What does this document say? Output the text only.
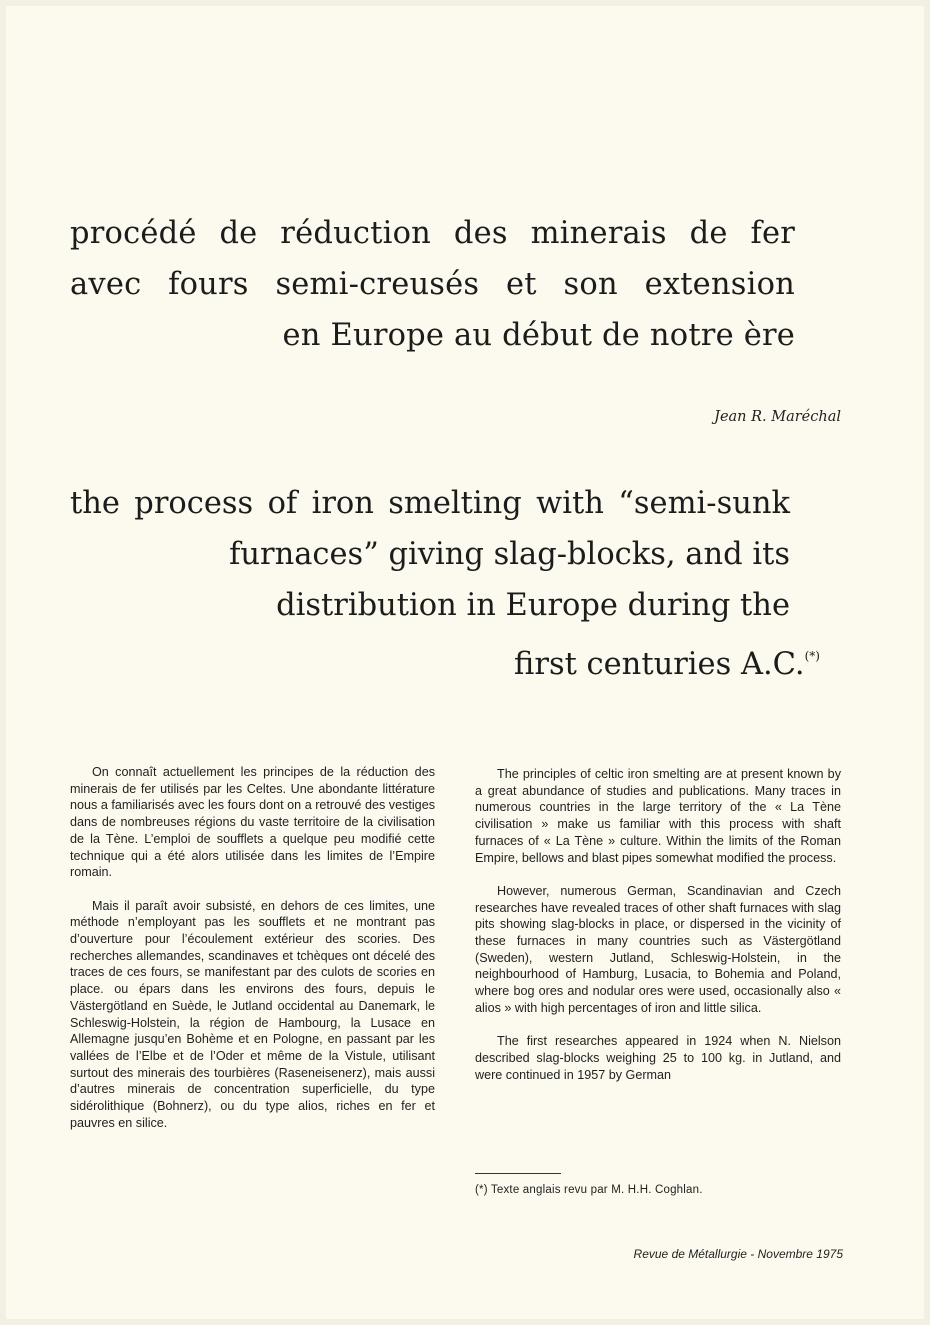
procédé de réduction des minerais de fer
avec fours semi-creusés et son extension
en Europe au début de notre ère
Jean R. Maréchal
the process of iron smelting with “semi-sunk
furnaces” giving slag-blocks, and its
distribution in Europe during the
first centuries A.C.(*)

On connaît actuellement les principes de la réduction des minerais de fer utilisés par les Celtes. Une abondante littérature nous a familiarisés avec les fours dont on a retrouvé des vestiges dans de nombreuses régions du vaste territoire de la civilisation de la Tène. L’emploi de soufflets a quelque peu modifié cette technique qui a été alors utilisée dans les limites de l’Empire romain.

Mais il paraît avoir subsisté, en dehors de ces limites, une méthode n’employant pas les soufflets et ne montrant pas d’ouverture pour l’écoulement extérieur des scories. Des recherches allemandes, scandinaves et tchèques ont décelé des traces de ces fours, se manifestant par des culots de scories en place. ou épars dans les environs des fours, depuis le Västergötland en Suède, le Jutland occidental au Danemark, le Schleswig-Holstein, la région de Hambourg, la Lusace en Allemagne jusqu’en Bohème et en Pologne, en passant par les vallées de l’Elbe et de l’Oder et même de la Vistule, utilisant surtout des minerais des tourbières (Raseneisenerz), mais aussi d’autres minerais de concentration superficielle, du type sidérolithique (Bohnerz), ou du type alios, riches en fer et pauvres en silice.

The principles of celtic iron smelting are at present known by a great abundance of studies and publications. Many traces in numerous countries in the large territory of the « La Tène civilisation » make us familiar with this process with shaft furnaces of « La Tène » culture. Within the limits of the Roman Empire, bellows and blast pipes somewhat modified the process.

However, numerous German, Scandinavian and Czech researches have revealed traces of other shaft furnaces with slag pits showing slag-blocks in place, or dispersed in the vicinity of these furnaces in many countries such as Västergötland (Sweden), western Jutland, Schleswig-Holstein, in the neighbourhood of Hamburg, Lusacia, to Bohemia and Poland, where bog ores and nodular ores were used, occasionally also « alios » with high percentages of iron and little silica.

The first researches appeared in 1924 when N. Nielson described slag-blocks weighing 25 to 100 kg. in Jutland, and were continued in 1957 by German

(*) Texte anglais revu par M. H.H. Coghlan.
Revue de Métallurgie - Novembre 1975
